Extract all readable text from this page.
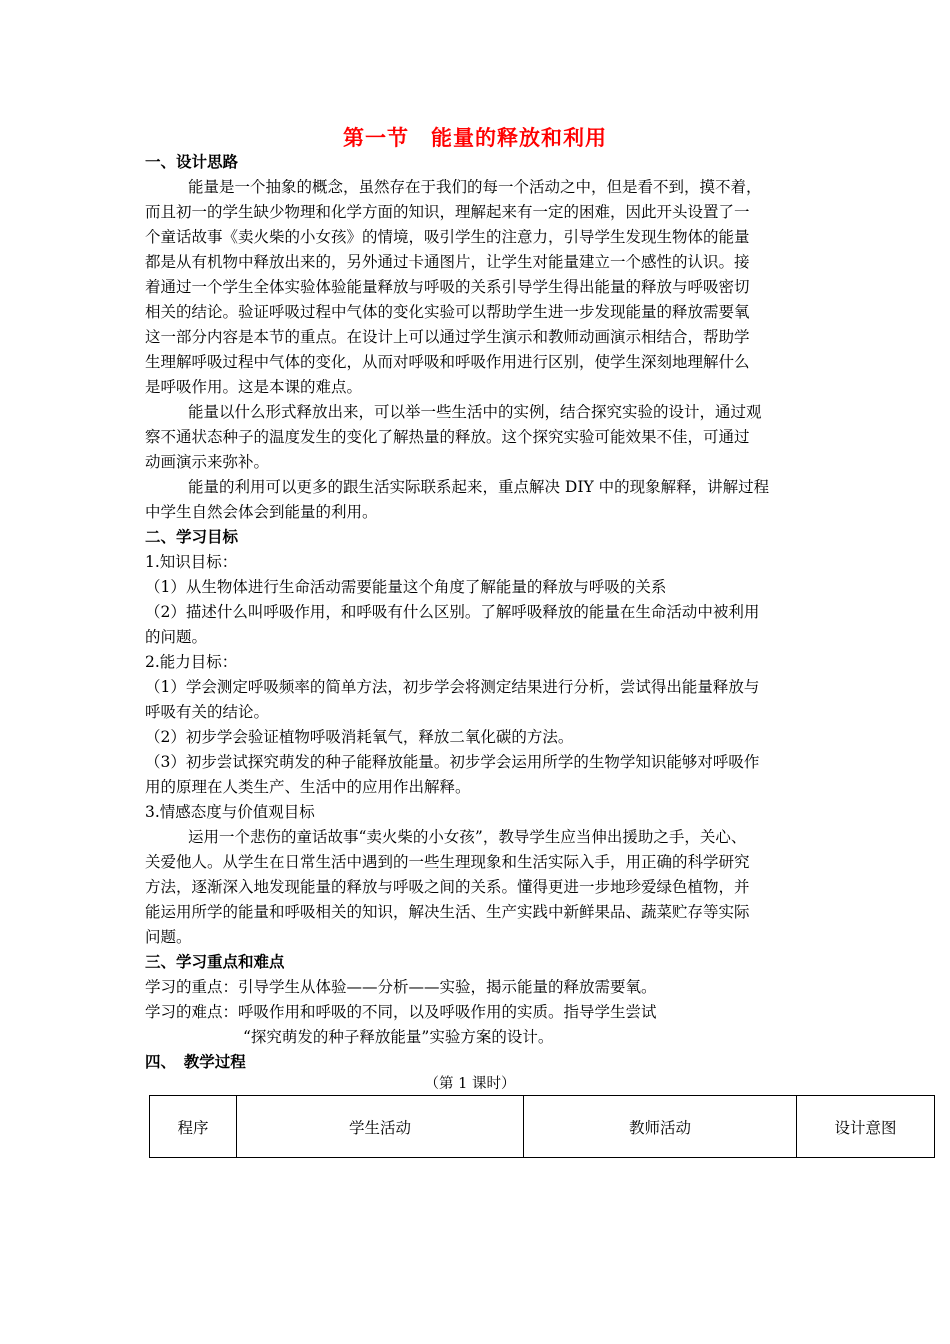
第一节　能量的释放和利用
一、设计思路
能量是一个抽象的概念，虽然存在于我们的每一个活动之中，但是看不到，摸不着，
而且初一的学生缺少物理和化学方面的知识，理解起来有一定的困难，因此开头设置了一
个童话故事《卖火柴的小女孩》的情境，吸引学生的注意力，引导学生发现生物体的能量
都是从有机物中释放出来的，另外通过卡通图片，让学生对能量建立一个感性的认识。接
着通过一个学生全体实验体验能量释放与呼吸的关系引导学生得出能量的释放与呼吸密切
相关的结论。验证呼吸过程中气体的变化实验可以帮助学生进一步发现能量的释放需要氧
这一部分内容是本节的重点。在设计上可以通过学生演示和教师动画演示相结合，帮助学
生理解呼吸过程中气体的变化，从而对呼吸和呼吸作用进行区别，使学生深刻地理解什么
是呼吸作用。这是本课的难点。
能量以什么形式释放出来，可以举一些生活中的实例，结合探究实验的设计，通过观
察不通状态种子的温度发生的变化了解热量的释放。这个探究实验可能效果不佳，可通过
动画演示来弥补。
能量的利用可以更多的跟生活实际联系起来，重点解决 DIY 中的现象解释，讲解过程
中学生自然会体会到能量的利用。
二、学习目标
1.知识目标：
（1）从生物体进行生命活动需要能量这个角度了解能量的释放与呼吸的关系
（2）描述什么叫呼吸作用，和呼吸有什么区别。了解呼吸释放的能量在生命活动中被利用
的问题。
2.能力目标：
（1）学会测定呼吸频率的简单方法，初步学会将测定结果进行分析，尝试得出能量释放与
呼吸有关的结论。
（2）初步学会验证植物呼吸消耗氧气，释放二氧化碳的方法。
（3）初步尝试探究萌发的种子能释放能量。初步学会运用所学的生物学知识能够对呼吸作
用的原理在人类生产、生活中的应用作出解释。
3.情感态度与价值观目标
运用一个悲伤的童话故事“卖火柴的小女孩”，教导学生应当伸出援助之手，关心、
关爱他人。从学生在日常生活中遇到的一些生理现象和生活实际入手，用正确的科学研究
方法，逐渐深入地发现能量的释放与呼吸之间的关系。懂得更进一步地珍爱绿色植物，并
能运用所学的能量和呼吸相关的知识，解决生活、生产实践中新鲜果品、蔬菜贮存等实际
问题。
三、学习重点和难点
学习的重点：引导学生从体验——分析——实验，揭示能量的释放需要氧。
学习的难点：呼吸作用和呼吸的不同，以及呼吸作用的实质。指导学生尝试
“探究萌发的种子释放能量”实验方案的设计。
四、　教学过程
（第 1 课时）
程序	学生活动	教师活动	设计意图
